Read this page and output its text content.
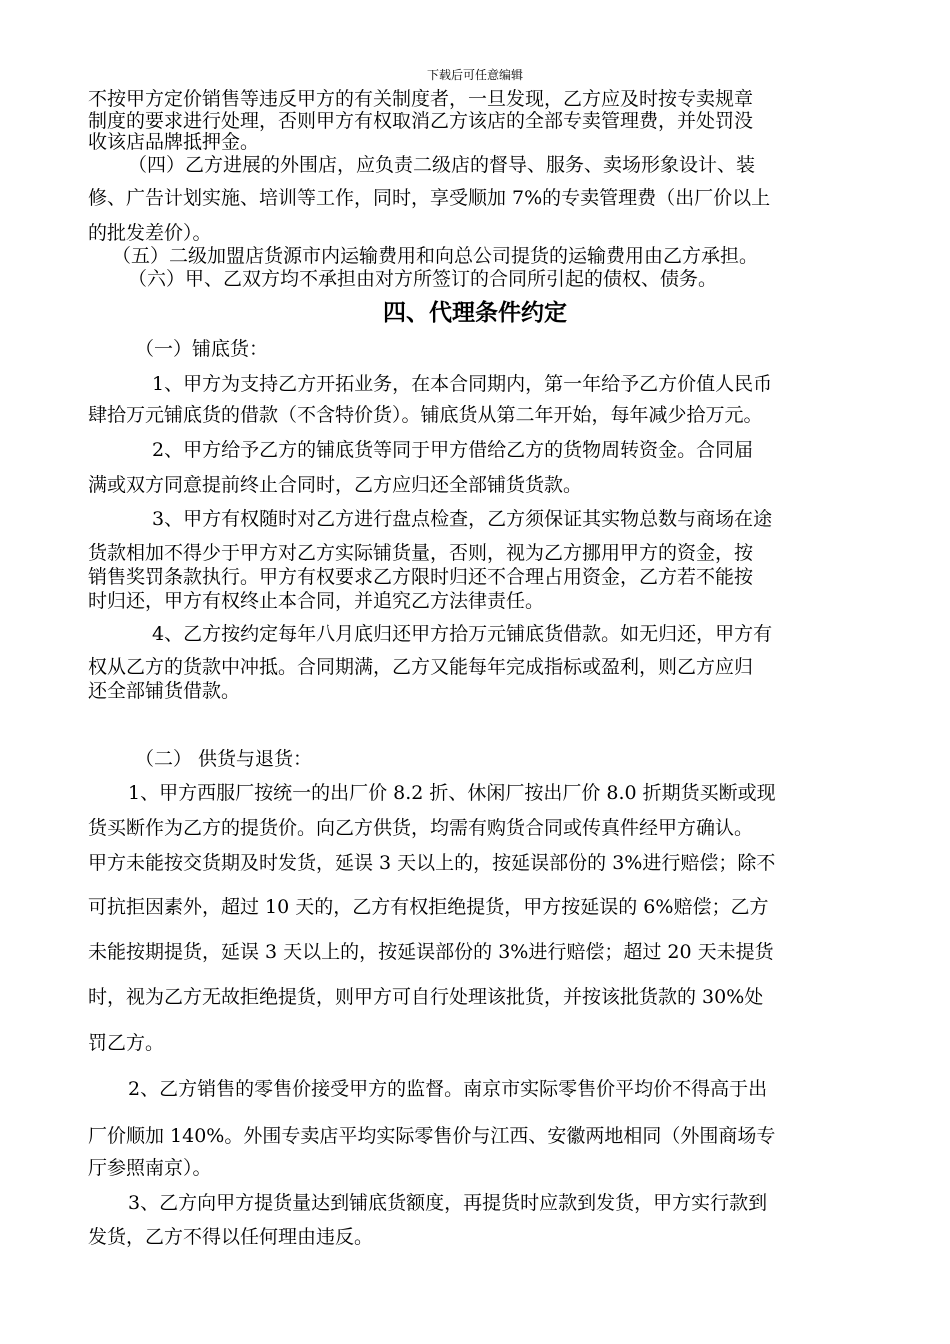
下载后可任意编辑
不按甲方定价销售等违反甲方的有关制度者，一旦发现，乙方应及时按专卖规章
制度的要求进行处理，否则甲方有权取消乙方该店的全部专卖管理费，并处罚没
收该店品牌抵押金。
（四）乙方进展的外围店，应负责二级店的督导、服务、卖场形象设计、装
修、广告计划实施、培训等工作，同时，享受顺加 7%的专卖管理费（出厂价以上
的批发差价）。
（五）二级加盟店货源市内运输费用和向总公司提货的运输费用由乙方承担。
（六）甲、乙双方均不承担由对方所签订的合同所引起的债权、债务。
四、代理条件约定
（一）铺底货：
1、甲方为支持乙方开拓业务，在本合同期内，第一年给予乙方价值人民币
肆拾万元铺底货的借款（不含特价货）。铺底货从第二年开始，每年减少拾万元。
2、甲方给予乙方的铺底货等同于甲方借给乙方的货物周转资金。合同届
满或双方同意提前终止合同时，乙方应归还全部铺货货款。
3、甲方有权随时对乙方进行盘点检查，乙方须保证其实物总数与商场在途
货款相加不得少于甲方对乙方实际铺货量，否则，视为乙方挪用甲方的资金，按
销售奖罚条款执行。甲方有权要求乙方限时归还不合理占用资金，乙方若不能按
时归还，甲方有权终止本合同，并追究乙方法律责任。
4、乙方按约定每年八月底归还甲方拾万元铺底货借款。如无归还，甲方有
权从乙方的货款中冲抵。合同期满，乙方又能每年完成指标或盈利，则乙方应归
还全部铺货借款。
（二） 供货与退货：
1、甲方西服厂按统一的出厂价 8.2 折、休闲厂按出厂价 8.0 折期货买断或现
货买断作为乙方的提货价。向乙方供货，均需有购货合同或传真件经甲方确认。
甲方未能按交货期及时发货，延误 3 天以上的，按延误部份的 3%进行赔偿；除不
可抗拒因素外，超过 10 天的，乙方有权拒绝提货，甲方按延误的 6%赔偿；乙方
未能按期提货，延误 3 天以上的，按延误部份的 3%进行赔偿；超过 20 天未提货
时，视为乙方无故拒绝提货，则甲方可自行处理该批货，并按该批货款的 30%处
罚乙方。
2、乙方销售的零售价接受甲方的监督。南京市实际零售价平均价不得高于出
厂价顺加 140%。外围专卖店平均实际零售价与江西、安徽两地相同（外围商场专
厅参照南京）。
3、乙方向甲方提货量达到铺底货额度，再提货时应款到发货，甲方实行款到
发货，乙方不得以任何理由违反。
